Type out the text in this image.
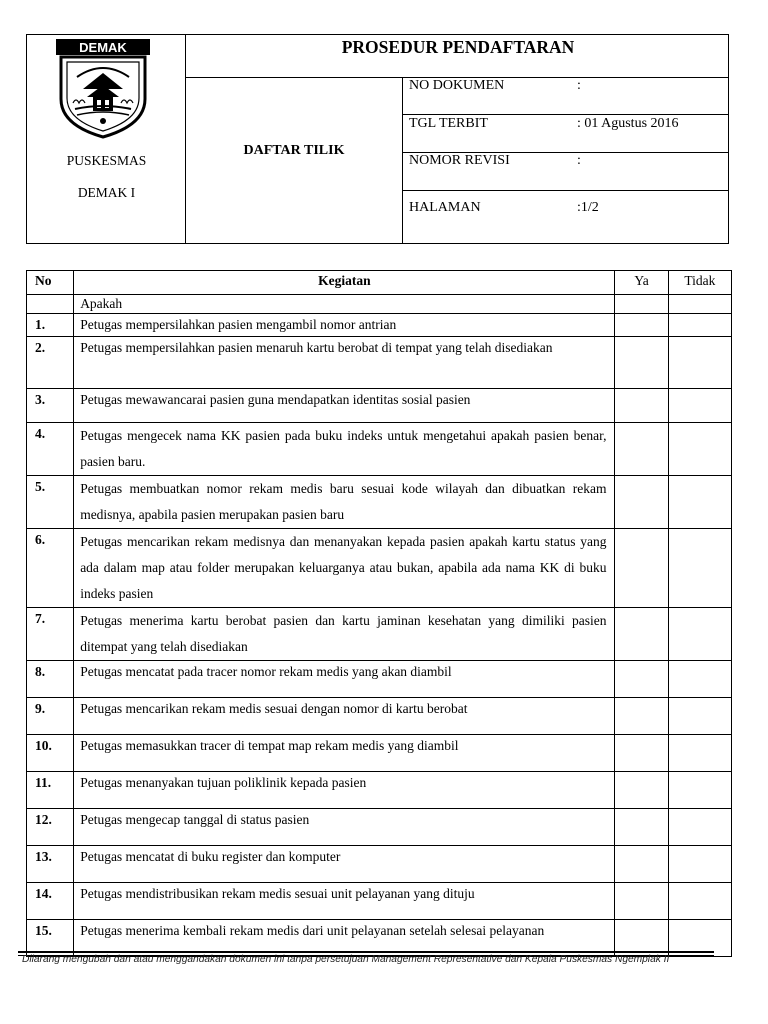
DEMAK
PUSKESMAS
DEMAK I
PROSEDUR PENDAFTARAN
DAFTAR TILIK
NO DOKUMEN	:
TGL TERBIT	: 01 Agustus 2016
NOMOR REVISI	:
HALAMAN	:1/2
No	Kegiatan	Ya	Tidak
	Apakah		
1.	Petugas mempersilahkan pasien mengambil nomor antrian		
2.	Petugas mempersilahkan pasien menaruh kartu berobat di tempat yang telah disediakan		
3.	Petugas mewawancarai pasien guna mendapatkan identitas sosial pasien		
4.	Petugas mengecek nama KK pasien pada buku indeks untuk mengetahui apakah pasien benar, pasien baru.		
5.	Petugas membuatkan nomor rekam medis baru sesuai kode wilayah dan dibuatkan rekam medisnya, apabila pasien merupakan pasien baru		
6.	Petugas mencarikan rekam medisnya dan menanyakan kepada pasien apakah kartu status yang ada dalam map atau folder merupakan keluarganya atau bukan, apabila ada nama KK di buku indeks pasien		
7.	Petugas menerima kartu berobat pasien dan kartu jaminan kesehatan yang dimiliki pasien ditempat yang telah disediakan		
8.	Petugas mencatat pada tracer nomor rekam medis yang akan diambil		
9.	Petugas mencarikan rekam medis sesuai dengan nomor di kartu berobat		
10.	Petugas memasukkan tracer di tempat map rekam medis yang diambil		
11.	Petugas menanyakan tujuan poliklinik kepada pasien		
12.	Petugas mengecap tanggal di status pasien		
13.	Petugas mencatat di buku register dan komputer		
14.	Petugas mendistribusikan rekam medis sesuai unit pelayanan yang dituju		
15.	Petugas menerima kembali rekam medis dari unit pelayanan setelah selesai pelayanan		
Dilarang mengubah dan atau menggandakan dokumen ini tanpa persetujuan Management Representative dan Kepala Puskesmas Ngemplak II
